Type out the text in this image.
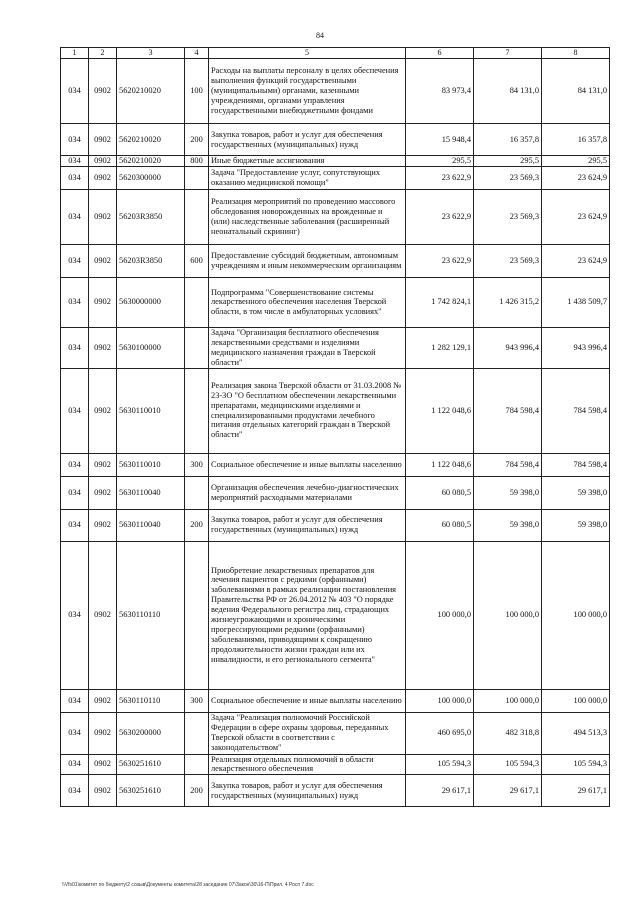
84
1	2	3	4	5	6	7	8
034	0902	5620210020	100	Расходы на выплаты персоналу в целях обеспечения выполнения функций государственными (муниципальными) органами, казенными учреждениями, органами управления государственными внебюджетными фондами	83 973,4	84 131,0	84 131,0
034	0902	5620210020	200	Закупка товаров, работ и услуг для обеспечения государственных (муниципальных) нужд	15 948,4	16 357,8	16 357,8
034	0902	5620210020	800	Иные бюджетные ассигнования	295,5	295,5	295,5
034	0902	5620300000		Задача "Предоставление услуг, сопутствующих оказанию медицинской помощи"	23 622,9	23 569,3	23 624,9
034	0902	56203R3850		Реализация мероприятий по проведению массового обследования новорожденных на врожденные и (или) наследственные заболевания (расширенный неонатальный скрининг)	23 622,9	23 569,3	23 624,9
034	0902	56203R3850	600	Предоставление субсидий бюджетным, автономным учреждениям и иным некоммерческим организациям	23 622,9	23 569,3	23 624,9
034	0902	5630000000		Подпрограмма "Совершенствование системы лекарственного обеспечения населения Тверской области, в том числе в амбулаторных условиях"	1 742 824,1	1 426 315,2	1 438 509,7
034	0902	5630100000		Задача "Организация бесплатного обеспечения лекарственными средствами и изделиями медицинского назначения граждан в Тверской области"	1 282 129,1	943 996,4	943 996,4
034	0902	5630110010		Реализация закона Тверской области от 31.03.2008 № 23-ЗО "О бесплатном обеспечении лекарственными препаратами, медицинскими изделиями и специализированными продуктами лечебного питания отдельных категорий граждан в Тверской области"	1 122 048,6	784 598,4	784 598,4
034	0902	5630110010	300	Социальное обеспечение и иные выплаты населению	1 122 048,6	784 598,4	784 598,4
034	0902	5630110040		Организация обеспечения лечебно-диагностических мероприятий расходными материалами	60 080,5	59 398,0	59 398,0
034	0902	5630110040	200	Закупка товаров, работ и услуг для обеспечения государственных (муниципальных) нужд	60 080,5	59 398,0	59 398,0
034	0902	5630110110		Приобретение лекарственных препаратов для лечения пациентов с редкими (орфанными) заболеваниями в рамках реализации постановления Правительства РФ от 26.04.2012 № 403 "О порядке ведения Федерального регистра лиц, страдающих жизнеугрожающими и хроническими прогрессирующими редкими (орфанными) заболеваниями, приводящими к сокращению продолжительности жизни граждан или их инвалидности, и его регионального сегмента"	100 000,0	100 000,0	100 000,0
034	0902	5630110110	300	Социальное обеспечение и иные выплаты населению	100 000,0	100 000,0	100 000,0
034	0902	5630200000		Задача "Реализация полномочий Российской Федерации в сфере охраны здоровья, переданных Тверской области в соответствии с законодательством"	460 695,0	482 318,8	494 513,3
034	0902	5630251610		Реализация отдельных полномочий в области лекарственного обеспечения	105 594,3	105 594,3	105 594,3
034	0902	5630251610	200	Закупка товаров, работ и услуг для обеспечения государственных (муниципальных) нужд	29 617,1	29 617,1	29 617,1
\\Vfs01\комитет по бюджету\2 созыв\Документы комитета\28 заседание 07\Закон\30\16-П\Прил. 4 Росп 7.doc
